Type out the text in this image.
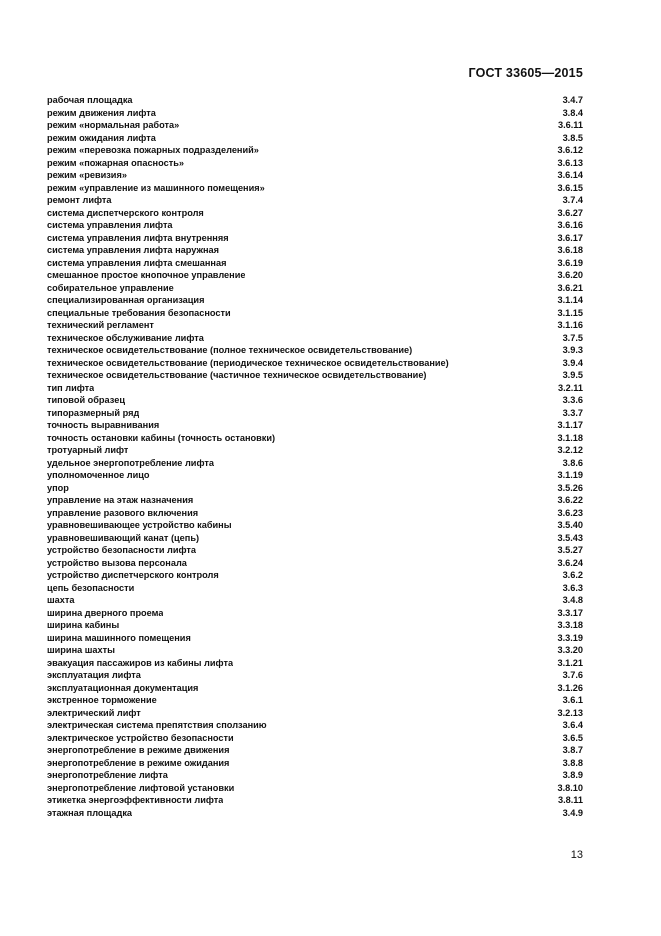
ГОСТ 33605—2015
рабочая площадка	3.4.7
режим движения лифта	3.8.4
режим «нормальная работа»	3.6.11
режим ожидания лифта	3.8.5
режим «перевозка пожарных подразделений»	3.6.12
режим «пожарная опасность»	3.6.13
режим «ревизия»	3.6.14
режим «управление из машинного помещения»	3.6.15
ремонт лифта	3.7.4
система диспетчерского контроля	3.6.27
система управления лифта	3.6.16
система управления лифта внутренняя	3.6.17
система управления лифта наружная	3.6.18
система управления лифта смешанная	3.6.19
смешанное простое кнопочное управление	3.6.20
собирательное управление	3.6.21
специализированная организация	3.1.14
специальные требования безопасности	3.1.15
технический регламент	3.1.16
техническое обслуживание лифта	3.7.5
техническое освидетельствование (полное техническое освидетельствование)	3.9.3
техническое освидетельствование (периодическое техническое освидетельствование)	3.9.4
техническое освидетельствование (частичное техническое освидетельствование)	3.9.5
тип лифта	3.2.11
типовой образец	3.3.6
типоразмерный ряд	3.3.7
точность выравнивания	3.1.17
точность остановки кабины (точность остановки)	3.1.18
тротуарный лифт	3.2.12
удельное энергопотребление лифта	3.8.6
уполномоченное лицо	3.1.19
упор	3.5.26
управление на этаж назначения	3.6.22
управление разового включения	3.6.23
уравновешивающее устройство кабины	3.5.40
уравновешивающий канат (цепь)	3.5.43
устройство безопасности лифта	3.5.27
устройство вызова персонала	3.6.24
устройство диспетчерского контроля	3.6.2
цепь безопасности	3.6.3
шахта	3.4.8
ширина дверного проема	3.3.17
ширина кабины	3.3.18
ширина машинного помещения	3.3.19
ширина шахты	3.3.20
эвакуация пассажиров из кабины лифта	3.1.21
эксплуатация лифта	3.7.6
эксплуатационная документация	3.1.26
экстренное торможение	3.6.1
электрический лифт	3.2.13
электрическая система препятствия сползанию	3.6.4
электрическое устройство безопасности	3.6.5
энергопотребление в режиме движения	3.8.7
энергопотребление в режиме ожидания	3.8.8
энергопотребление лифта	3.8.9
энергопотребление лифтовой установки	3.8.10
этикетка энергоэффективности лифта	3.8.11
этажная площадка	3.4.9
13
